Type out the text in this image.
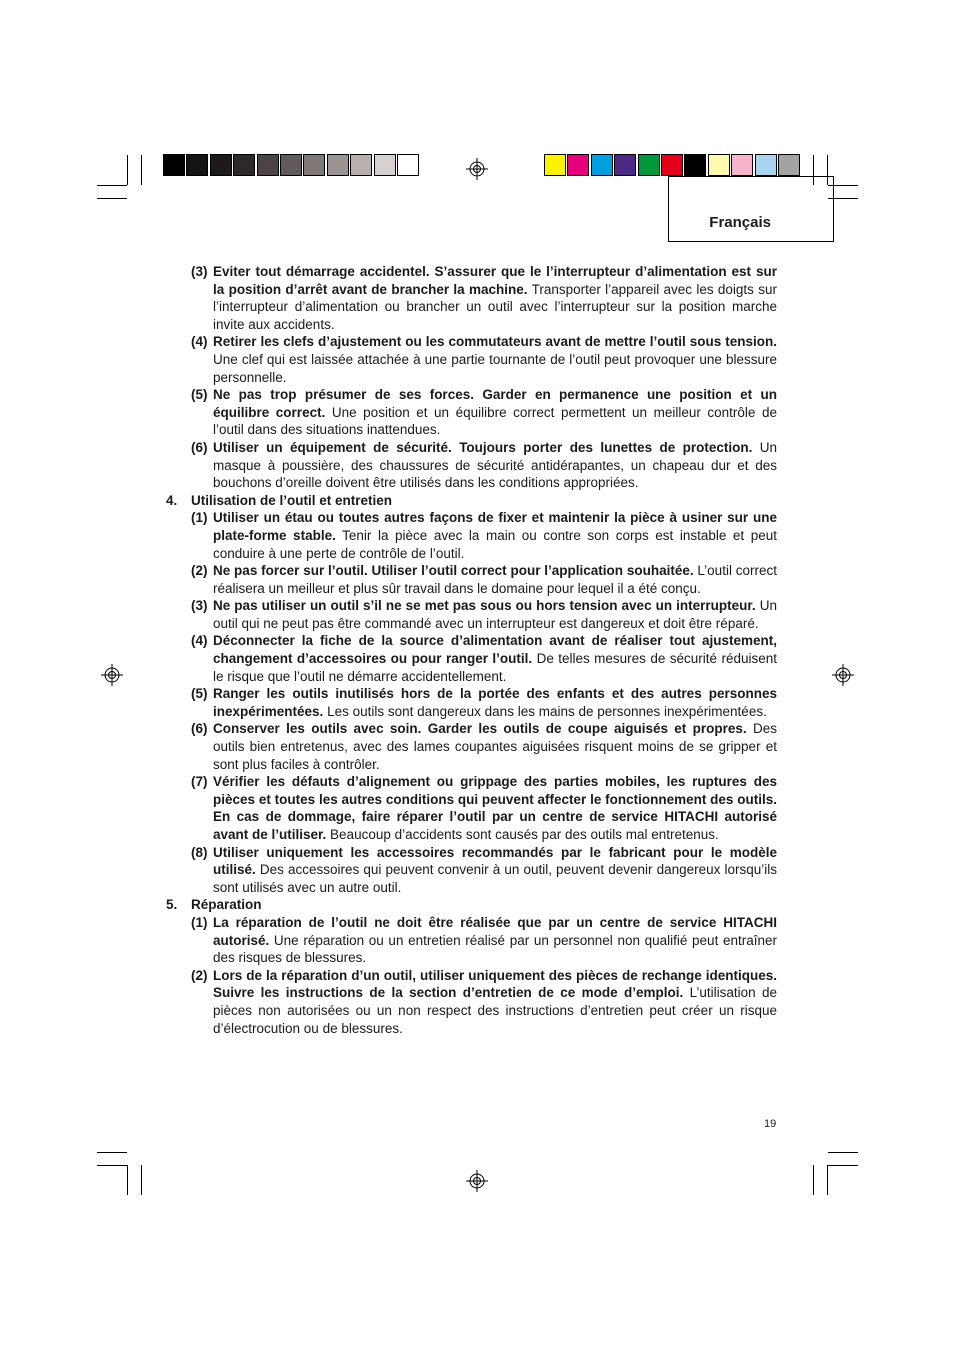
Français
(3) Eviter tout démarrage accidentel. S’assurer que le l’interrupteur d’alimentation est sur la position d’arrêt avant de brancher la machine. Transporter l’appareil avec les doigts sur l’interrupteur d’alimentation ou brancher un outil avec l’interrupteur sur la position marche invite aux accidents.
(4) Retirer les clefs d’ajustement ou les commutateurs avant de mettre l’outil sous tension. Une clef qui est laissée attachée à une partie tournante de l’outil peut provoquer une blessure personnelle.
(5) Ne pas trop présumer de ses forces. Garder en permanence une position et un équilibre correct. Une position et un équilibre correct permettent un meilleur contrôle de l’outil dans des situations inattendues.
(6) Utiliser un équipement de sécurité. Toujours porter des lunettes de protection. Un masque à poussière, des chaussures de sécurité antidérapantes, un chapeau dur et des bouchons d’oreille doivent être utilisés dans les conditions appropriées.
4. Utilisation de l’outil et entretien
(1) Utiliser un étau ou toutes autres façons de fixer et maintenir la pièce à usiner sur une plate-forme stable. Tenir la pièce avec la main ou contre son corps est instable et peut conduire à une perte de contrôle de l’outil.
(2) Ne pas forcer sur l’outil. Utiliser l’outil correct pour l’application souhaitée. L’outil correct réalisera un meilleur et plus sûr travail dans le domaine pour lequel il a été conçu.
(3) Ne pas utiliser un outil s’il ne se met pas sous ou hors tension avec un interrupteur. Un outil qui ne peut pas être commandé avec un interrupteur est dangereux et doit être réparé.
(4) Déconnecter la fiche de la source d’alimentation avant de réaliser tout ajustement, changement d’accessoires ou pour ranger l’outil. De telles mesures de sécurité réduisent le risque que l’outil ne démarre accidentellement.
(5) Ranger les outils inutilisés hors de la portée des enfants et des autres personnes inexpérimentées. Les outils sont dangereux dans les mains de personnes inexpérimentées.
(6) Conserver les outils avec soin. Garder les outils de coupe aiguisés et propres. Des outils bien entretenus, avec des lames coupantes aiguisées risquent moins de se gripper et sont plus faciles à contrôler.
(7) Vérifier les défauts d’alignement ou grippage des parties mobiles, les ruptures des pièces et toutes les autres conditions qui peuvent affecter le fonctionnement des outils. En cas de dommage, faire réparer l’outil par un centre de service HITACHI autorisé avant de l’utiliser. Beaucoup d’accidents sont causés par des outils mal entretenus.
(8) Utiliser uniquement les accessoires recommandés par le fabricant pour le modèle utilisé. Des accessoires qui peuvent convenir à un outil, peuvent devenir dangereux lorsqu’ils sont utilisés avec un autre outil.
5. Réparation
(1) La réparation de l’outil ne doit être réalisée que par un centre de service HITACHI autorisé. Une réparation ou un entretien réalisé par un personnel non qualifié peut entraîner des risques de blessures.
(2) Lors de la réparation d’un outil, utiliser uniquement des pièces de rechange identiques. Suivre les instructions de la section d’entretien de ce mode d’emploi. L’utilisation de pièces non autorisées ou un non respect des instructions d’entretien peut créer un risque d’électrocution ou de blessures.
19
